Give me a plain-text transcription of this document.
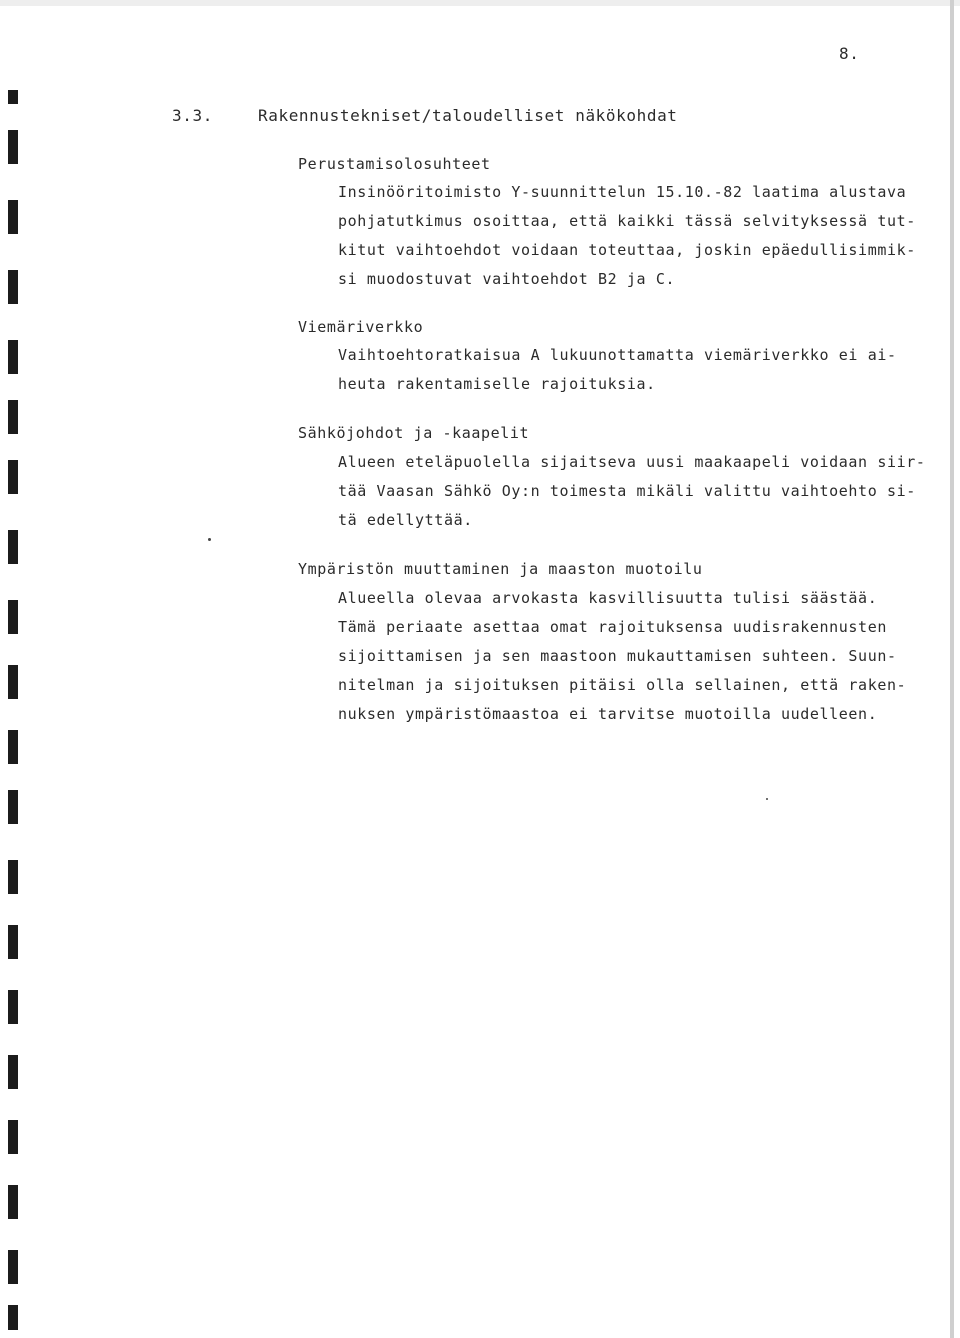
8.
3.3.	Rakennustekniset/taloudelliset näkökohdat
Perustamisolosuhteet
Insinööritoimisto Y-suunnittelun 15.10.-82 laatima alustava
pohjatutkimus osoittaa, että kaikki tässä selvityksessä tut-
kitut vaihtoehdot voidaan toteuttaa, joskin epäedullisimmik-
si muodostuvat vaihtoehdot B2 ja C.
Viemäriverkko
Vaihtoehtoratkaisua A lukuunottamatta viemäriverkko ei ai-
heuta rakentamiselle rajoituksia.
Sähköjohdot ja -kaapelit
Alueen eteläpuolella sijaitseva uusi maakaapeli voidaan siir-
tää Vaasan Sähkö Oy:n toimesta mikäli valittu vaihtoehto si-
tä edellyttää.
Ympäristön muuttaminen ja maaston muotoilu
Alueella olevaa arvokasta kasvillisuutta tulisi säästää.
Tämä periaate asettaa omat rajoituksensa uudisrakennusten
sijoittamisen ja sen maastoon mukauttamisen suhteen. Suun-
nitelman ja sijoituksen pitäisi olla sellainen, että raken-
nuksen ympäristömaastoa ei tarvitse muotoilla uudelleen.
